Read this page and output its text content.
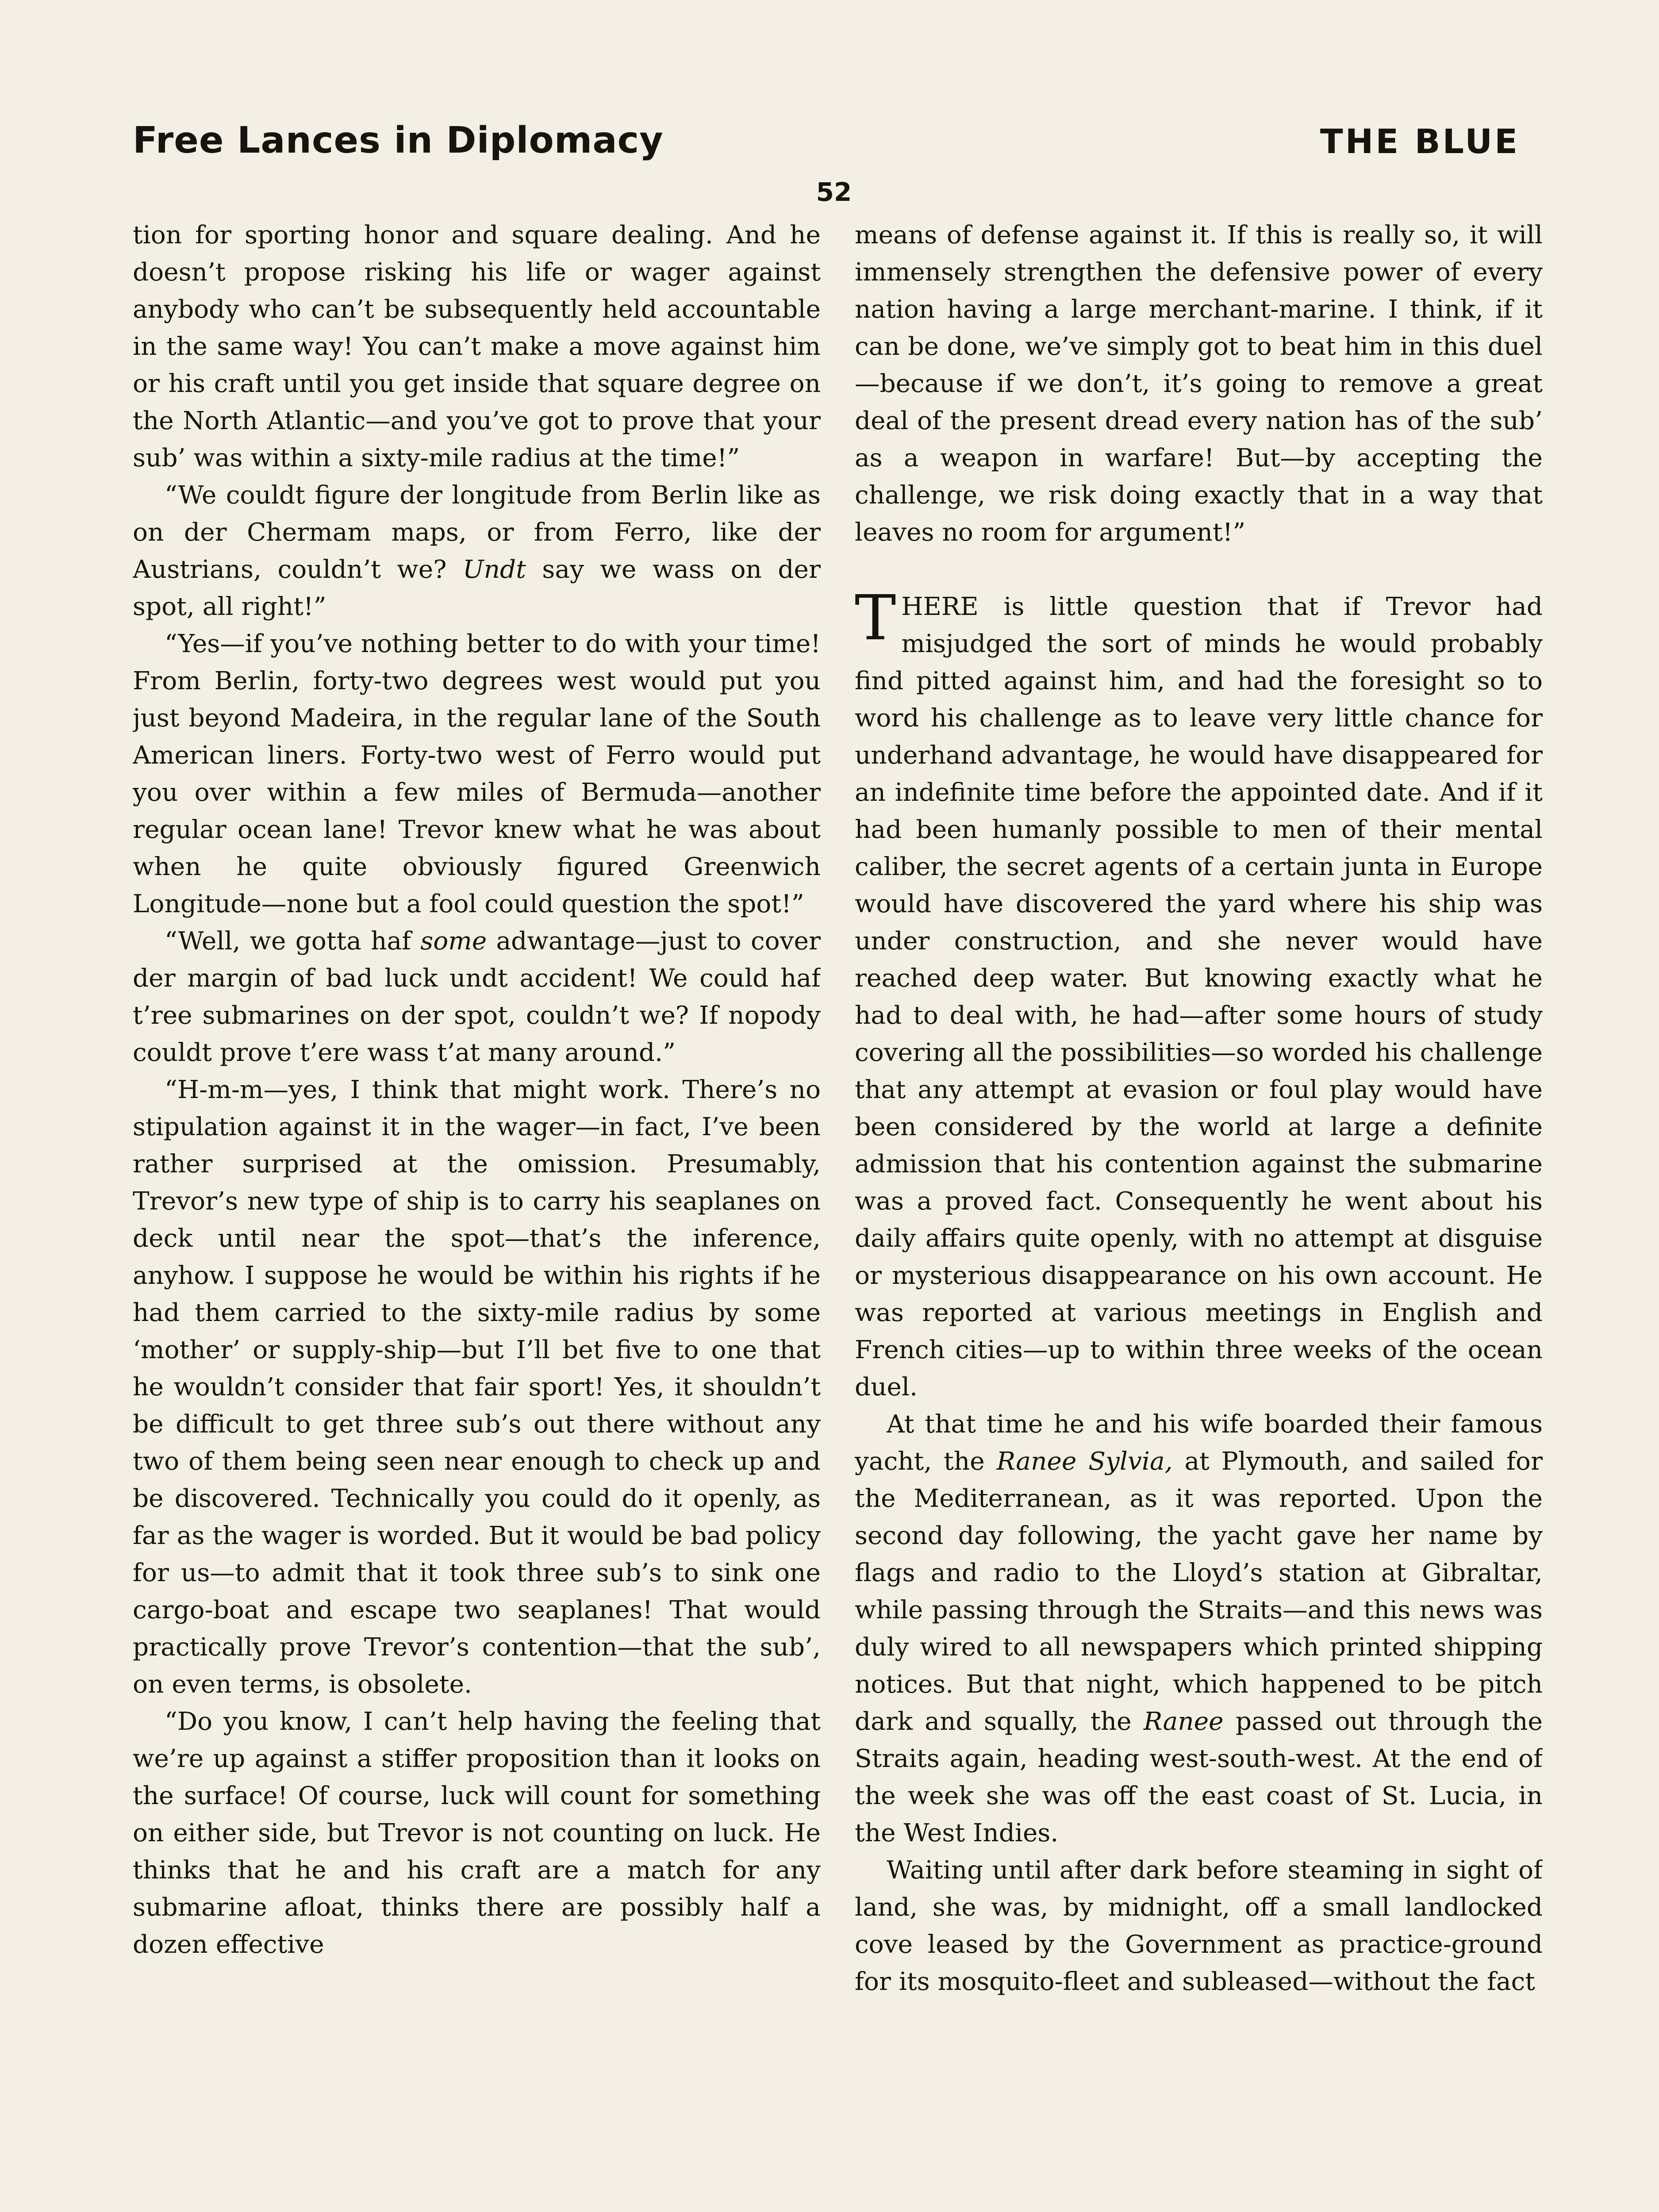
Free Lances in Diplomacy	THE BLUE
52

tion for sporting honor and square dealing. And he doesn’t propose risking his life or wager against anybody who can’t be subsequently held accountable in the same way! You can’t make a move against him or his craft until you get inside that square degree on the North Atlantic—and you’ve got to prove that your sub’ was within a sixty-mile radius at the time!”

“We couldt figure der longitude from Berlin like as on der Chermam maps, or from Ferro, like der Austrians, couldn’t we? Undt say we wass on der spot, all right!”

“Yes—if you’ve nothing better to do with your time! From Berlin, forty-two degrees west would put you just beyond Madeira, in the regular lane of the South American liners. Forty-two west of Ferro would put you over within a few miles of Bermuda—another regular ocean lane! Trevor knew what he was about when he quite obviously figured Greenwich Longitude—none but a fool could question the spot!”

“Well, we gotta haf some adwantage—just to cover der margin of bad luck undt accident! We could haf t’ree submarines on der spot, couldn’t we? If nopody couldt prove t’ere wass t’at many around.”

“H-m-m—yes, I think that might work. There’s no stipulation against it in the wager—in fact, I’ve been rather surprised at the omission. Presumably, Trevor’s new type of ship is to carry his seaplanes on deck until near the spot—that’s the inference, anyhow. I suppose he would be within his rights if he had them carried to the sixty-mile radius by some ‘mother’ or supply-ship—but I’ll bet five to one that he wouldn’t consider that fair sport! Yes, it shouldn’t be difficult to get three sub’s out there without any two of them being seen near enough to check up and be discovered. Technically you could do it openly, as far as the wager is worded. But it would be bad policy for us—to admit that it took three sub’s to sink one cargo-boat and escape two seaplanes! That would practically prove Trevor’s contention—that the sub’, on even terms, is obsolete.

“Do you know, I can’t help having the feeling that we’re up against a stiffer proposition than it looks on the surface! Of course, luck will count for something on either side, but Trevor is not counting on luck. He thinks that he and his craft are a match for any submarine afloat, thinks there are possibly half a dozen effective

means of defense against it. If this is really so, it will immensely strengthen the defensive power of every nation having a large merchant-marine. I think, if it can be done, we’ve simply got to beat him in this duel—because if we don’t, it’s going to remove a great deal of the present dread every nation has of the sub’ as a weapon in warfare! But—by accepting the challenge, we risk doing exactly that in a way that leaves no room for argument!”

THERE is little question that if Trevor had misjudged the sort of minds he would probably find pitted against him, and had the foresight so to word his challenge as to leave very little chance for underhand advantage, he would have disappeared for an indefinite time before the appointed date. And if it had been humanly possible to men of their mental caliber, the secret agents of a certain junta in Europe would have discovered the yard where his ship was under construction, and she never would have reached deep water. But knowing exactly what he had to deal with, he had—after some hours of study covering all the possibilities—so worded his challenge that any attempt at evasion or foul play would have been considered by the world at large a definite admission that his contention against the submarine was a proved fact. Consequently he went about his daily affairs quite openly, with no attempt at disguise or mysterious disappearance on his own account. He was reported at various meetings in English and French cities—up to within three weeks of the ocean duel.

At that time he and his wife boarded their famous yacht, the Ranee Sylvia, at Plymouth, and sailed for the Mediterranean, as it was reported. Upon the second day following, the yacht gave her name by flags and radio to the Lloyd’s station at Gibraltar, while passing through the Straits—and this news was duly wired to all newspapers which printed shipping notices. But that night, which happened to be pitch dark and squally, the Ranee passed out through the Straits again, heading west-south-west. At the end of the week she was off the east coast of St. Lucia, in the West Indies.

Waiting until after dark before steaming in sight of land, she was, by midnight, off a small landlocked cove leased by the Government as practice-ground for its mosquito-fleet and subleased—without the fact
